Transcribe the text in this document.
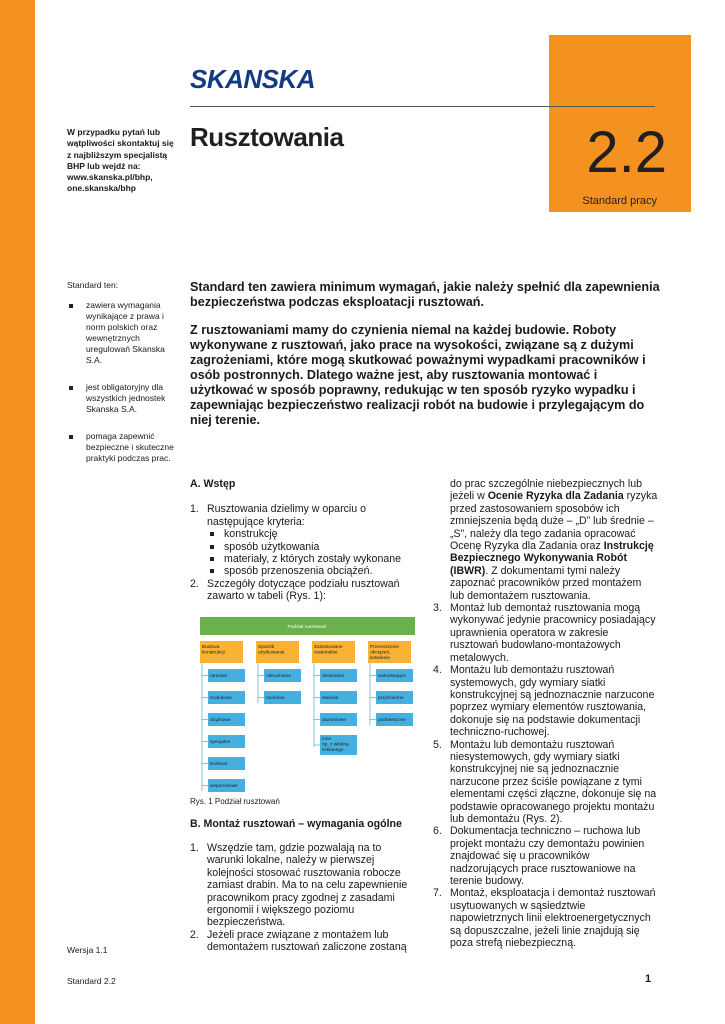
2.2
Standard pracy
SKANSKA
W przypadku pytań lub wątpliwości skontaktuj się z najbliższym specjalistą BHP lub wejdź na: www.skanska.pl/bhp, one.skanska/bhp
Rusztowania
Standard ten:
zawiera wymagania wynikające z prawa i norm polskich oraz wewnętrznych uregulowań Skanska S.A.
jest obligatoryjny dla wszystkich jednostek Skanska S.A.
pomaga zapewnić bezpieczne i skuteczne praktyki podczas prac.

Standard ten zawiera minimum wymagań, jakie należy spełnić dla zapewnienia bezpieczeństwa podczas eksploatacji rusztowań.

Z rusztowaniami mamy do czynienia niemal na każdej budowie. Roboty wykonywane z rusztowań, jako prace na wysokości, związane są z dużymi zagrożeniami, które mogą skutkować poważnymi wypadkami pracowników i osób postronnych. Dlatego ważne jest, aby rusztowania montować i użytkować w sposób poprawny, redukując w ten sposób ryzyko wypadku i zapewniając bezpieczeństwo realizacji robót na budowie i przylegającym do niej terenie.

A. Wstęp
1. Rusztowania dzielimy w oparciu o następujące kryteria:
konstrukcję
sposób użytkowania
materiały, z których zostały wykonane
sposób przenoszenia obciążeń.
2. Szczegóły dotyczące podziału rusztowań zawarto w tabeli (Rys. 1):
Podział rusztowań
Budowa konstrukcji
ramowe
modułowe
drążkowe
specjalne
kozłowe
wspornikowe
Sposób użytkowania
nieruchome
ruchome
Zastosowane materiałów
drewniane
stalowe
aluminiowe
inne np. z włókna szklanego
Przenoszenie obciążeń, kotwienie
wolnostojące
przyścienne
podwieszone
Rys. 1 Podział rusztowań
B. Montaż rusztowań – wymagania ogólne
1. Wszędzie tam, gdzie pozwalają na to warunki lokalne, należy w pierwszej kolejności stosować rusztowania robocze zamiast drabin. Ma to na celu zapewnienie pracownikom pracy zgodnej z zasadami ergonomii i większego poziomu bezpieczeństwa.
2. Jeżeli prace związane z montażem lub demontażem rusztowań zaliczone zostaną
do prac szczególnie niebezpiecznych lub jeżeli w Ocenie Ryzyka dla Zadania ryzyka przed zastosowaniem sposobów ich zmniejszenia będą duże – „D” lub średnie – „S”, należy dla tego zadania opracować Ocenę Ryzyka dla Zadania oraz Instrukcję Bezpiecznego Wykonywania Robót (IBWR). Z dokumentami tymi należy zapoznać pracowników przed montażem lub demontażem rusztowania.
3. Montaż lub demontaż rusztowania mogą wykonywać jedynie pracownicy posiadający uprawnienia operatora w zakresie rusztowań budowlano-montażowych metalowych.
4. Montażu lub demontażu rusztowań systemowych, gdy wymiary siatki konstrukcyjnej są jednoznacznie narzucone poprzez wymiary elementów rusztowania, dokonuje się na podstawie dokumentacji techniczno-ruchowej.
5. Montażu lub demontażu rusztowań niesystemowych, gdy wymiary siatki konstrukcyjnej nie są jednoznacznie narzucone przez ściśle powiązane z tymi elementami części złączne, dokonuje się na podstawie opracowanego projektu montażu lub demontażu (Rys. 2).
6. Dokumentacja techniczno – ruchowa lub projekt montażu czy demontażu powinien znajdować się u pracowników nadzorujących prace rusztowaniowe na terenie budowy.
7. Montaż, eksploatacja i demontaż rusztowań usytuowanych w sąsiedztwie napowietrznych linii elektroenergetycznych są dopuszczalne, jeżeli linie znajdują się poza strefą niebezpieczną.
Wersja 1.1
Standard 2.2	1
